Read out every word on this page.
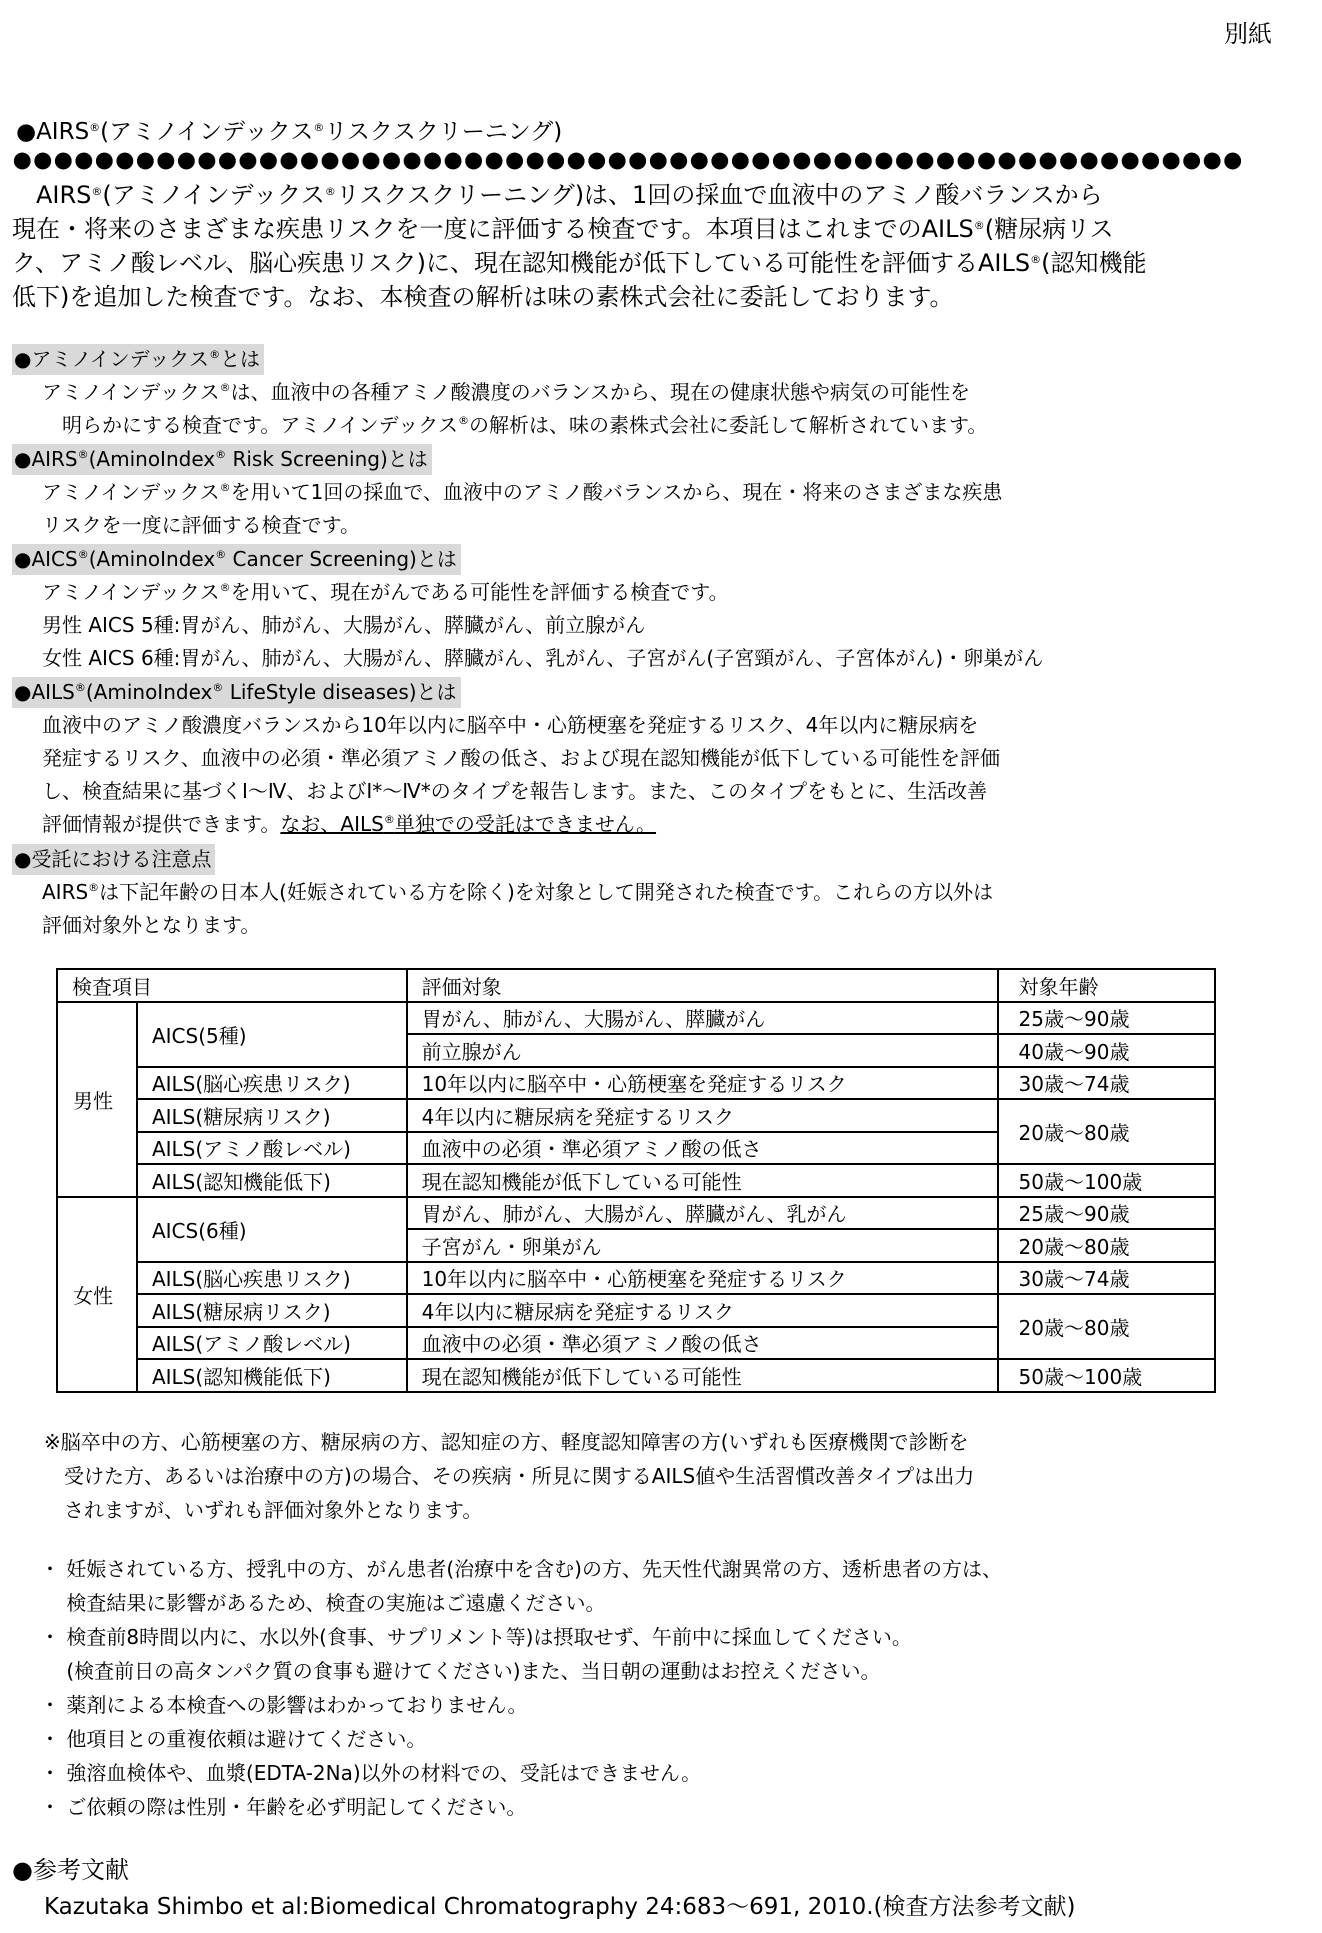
別紙
●AIRS®(アミノインデックス®リスクスクリーニング)

　AIRS®(アミノインデックス®リスクスクリーニング)は、1回の採血で血液中のアミノ酸バランスから

現在・将来のさまざまな疾患リスクを一度に評価する検査です。本項目はこれまでのAILS®(糖尿病リス

ク、アミノ酸レベル、脳心疾患リスク)に、現在認知機能が低下している可能性を評価するAILS®(認知機能

低下)を追加した検査です。なお、本検査の解析は味の素株式会社に委託しております。

●アミノインデックス®とは

アミノインデックス®は、血液中の各種アミノ酸濃度のバランスから、現在の健康状態や病気の可能性を

　明らかにする検査です。アミノインデックス®の解析は、味の素株式会社に委託して解析されています。

●AIRS®(AminoIndex® Risk Screening)とは

アミノインデックス®を用いて1回の採血で、血液中のアミノ酸バランスから、現在・将来のさまざまな疾患

リスクを一度に評価する検査です。

●AICS®(AminoIndex® Cancer Screening)とは

アミノインデックス®を用いて、現在がんである可能性を評価する検査です。

男性 AICS 5種:胃がん、肺がん、大腸がん、膵臓がん、前立腺がん

女性 AICS 6種:胃がん、肺がん、大腸がん、膵臓がん、乳がん、子宮がん(子宮頸がん、子宮体がん)・卵巣がん

●AILS®(AminoIndex® LifeStyle diseases)とは

血液中のアミノ酸濃度バランスから10年以内に脳卒中・心筋梗塞を発症するリスク、4年以内に糖尿病を

発症するリスク、血液中の必須・準必須アミノ酸の低さ、および現在認知機能が低下している可能性を評価

し、検査結果に基づくⅠ～Ⅳ、およびⅠ*～Ⅳ*のタイプを報告します。また、このタイプをもとに、生活改善

評価情報が提供できます。なお、AILS®単独での受託はできません。

●受託における注意点

AIRS®は下記年齢の日本人(妊娠されている方を除く)を対象として開発された検査です。これらの方以外は

評価対象外となります。

検査項目		評価対象	対象年齢
男性	AICS(5種)	胃がん、肺がん、大腸がん、膵臓がん	25歳～90歳
		前立腺がん	40歳～90歳
	AILS(脳心疾患リスク)	10年以内に脳卒中・心筋梗塞を発症するリスク	30歳～74歳
	AILS(糖尿病リスク)	4年以内に糖尿病を発症するリスク	20歳～80歳
	AILS(アミノ酸レベル)	血液中の必須・準必須アミノ酸の低さ	
	AILS(認知機能低下)	現在認知機能が低下している可能性	50歳～100歳
女性	AICS(6種)	胃がん、肺がん、大腸がん、膵臓がん、乳がん	25歳～90歳
		子宮がん・卵巣がん	20歳～80歳
	AILS(脳心疾患リスク)	10年以内に脳卒中・心筋梗塞を発症するリスク	30歳～74歳
	AILS(糖尿病リスク)	4年以内に糖尿病を発症するリスク	20歳～80歳
	AILS(アミノ酸レベル)	血液中の必須・準必須アミノ酸の低さ	
	AILS(認知機能低下)	現在認知機能が低下している可能性	50歳～100歳

※脳卒中の方、心筋梗塞の方、糖尿病の方、認知症の方、軽度認知障害の方(いずれも医療機関で診断を

　受けた方、あるいは治療中の方)の場合、その疾病・所見に関するAILS値や生活習慣改善タイプは出力

　されますが、いずれも評価対象外となります。

・ 妊娠されている方、授乳中の方、がん患者(治療中を含む)の方、先天性代謝異常の方、透析患者の方は、

　 検査結果に影響があるため、検査の実施はご遠慮ください。

・ 検査前8時間以内に、水以外(食事、サプリメント等)は摂取せず、午前中に採血してください。

　 (検査前日の高タンパク質の食事も避けてください)また、当日朝の運動はお控えください。

・ 薬剤による本検査への影響はわかっておりません。

・ 他項目との重複依頼は避けてください。

・ 強溶血検体や、血漿(EDTA-2Na)以外の材料での、受託はできません。

・ ご依頼の際は性別・年齢を必ず明記してください。

●参考文献
Kazutaka Shimbo et al:Biomedical Chromatography 24:683～691, 2010.(検査方法参考文献)
